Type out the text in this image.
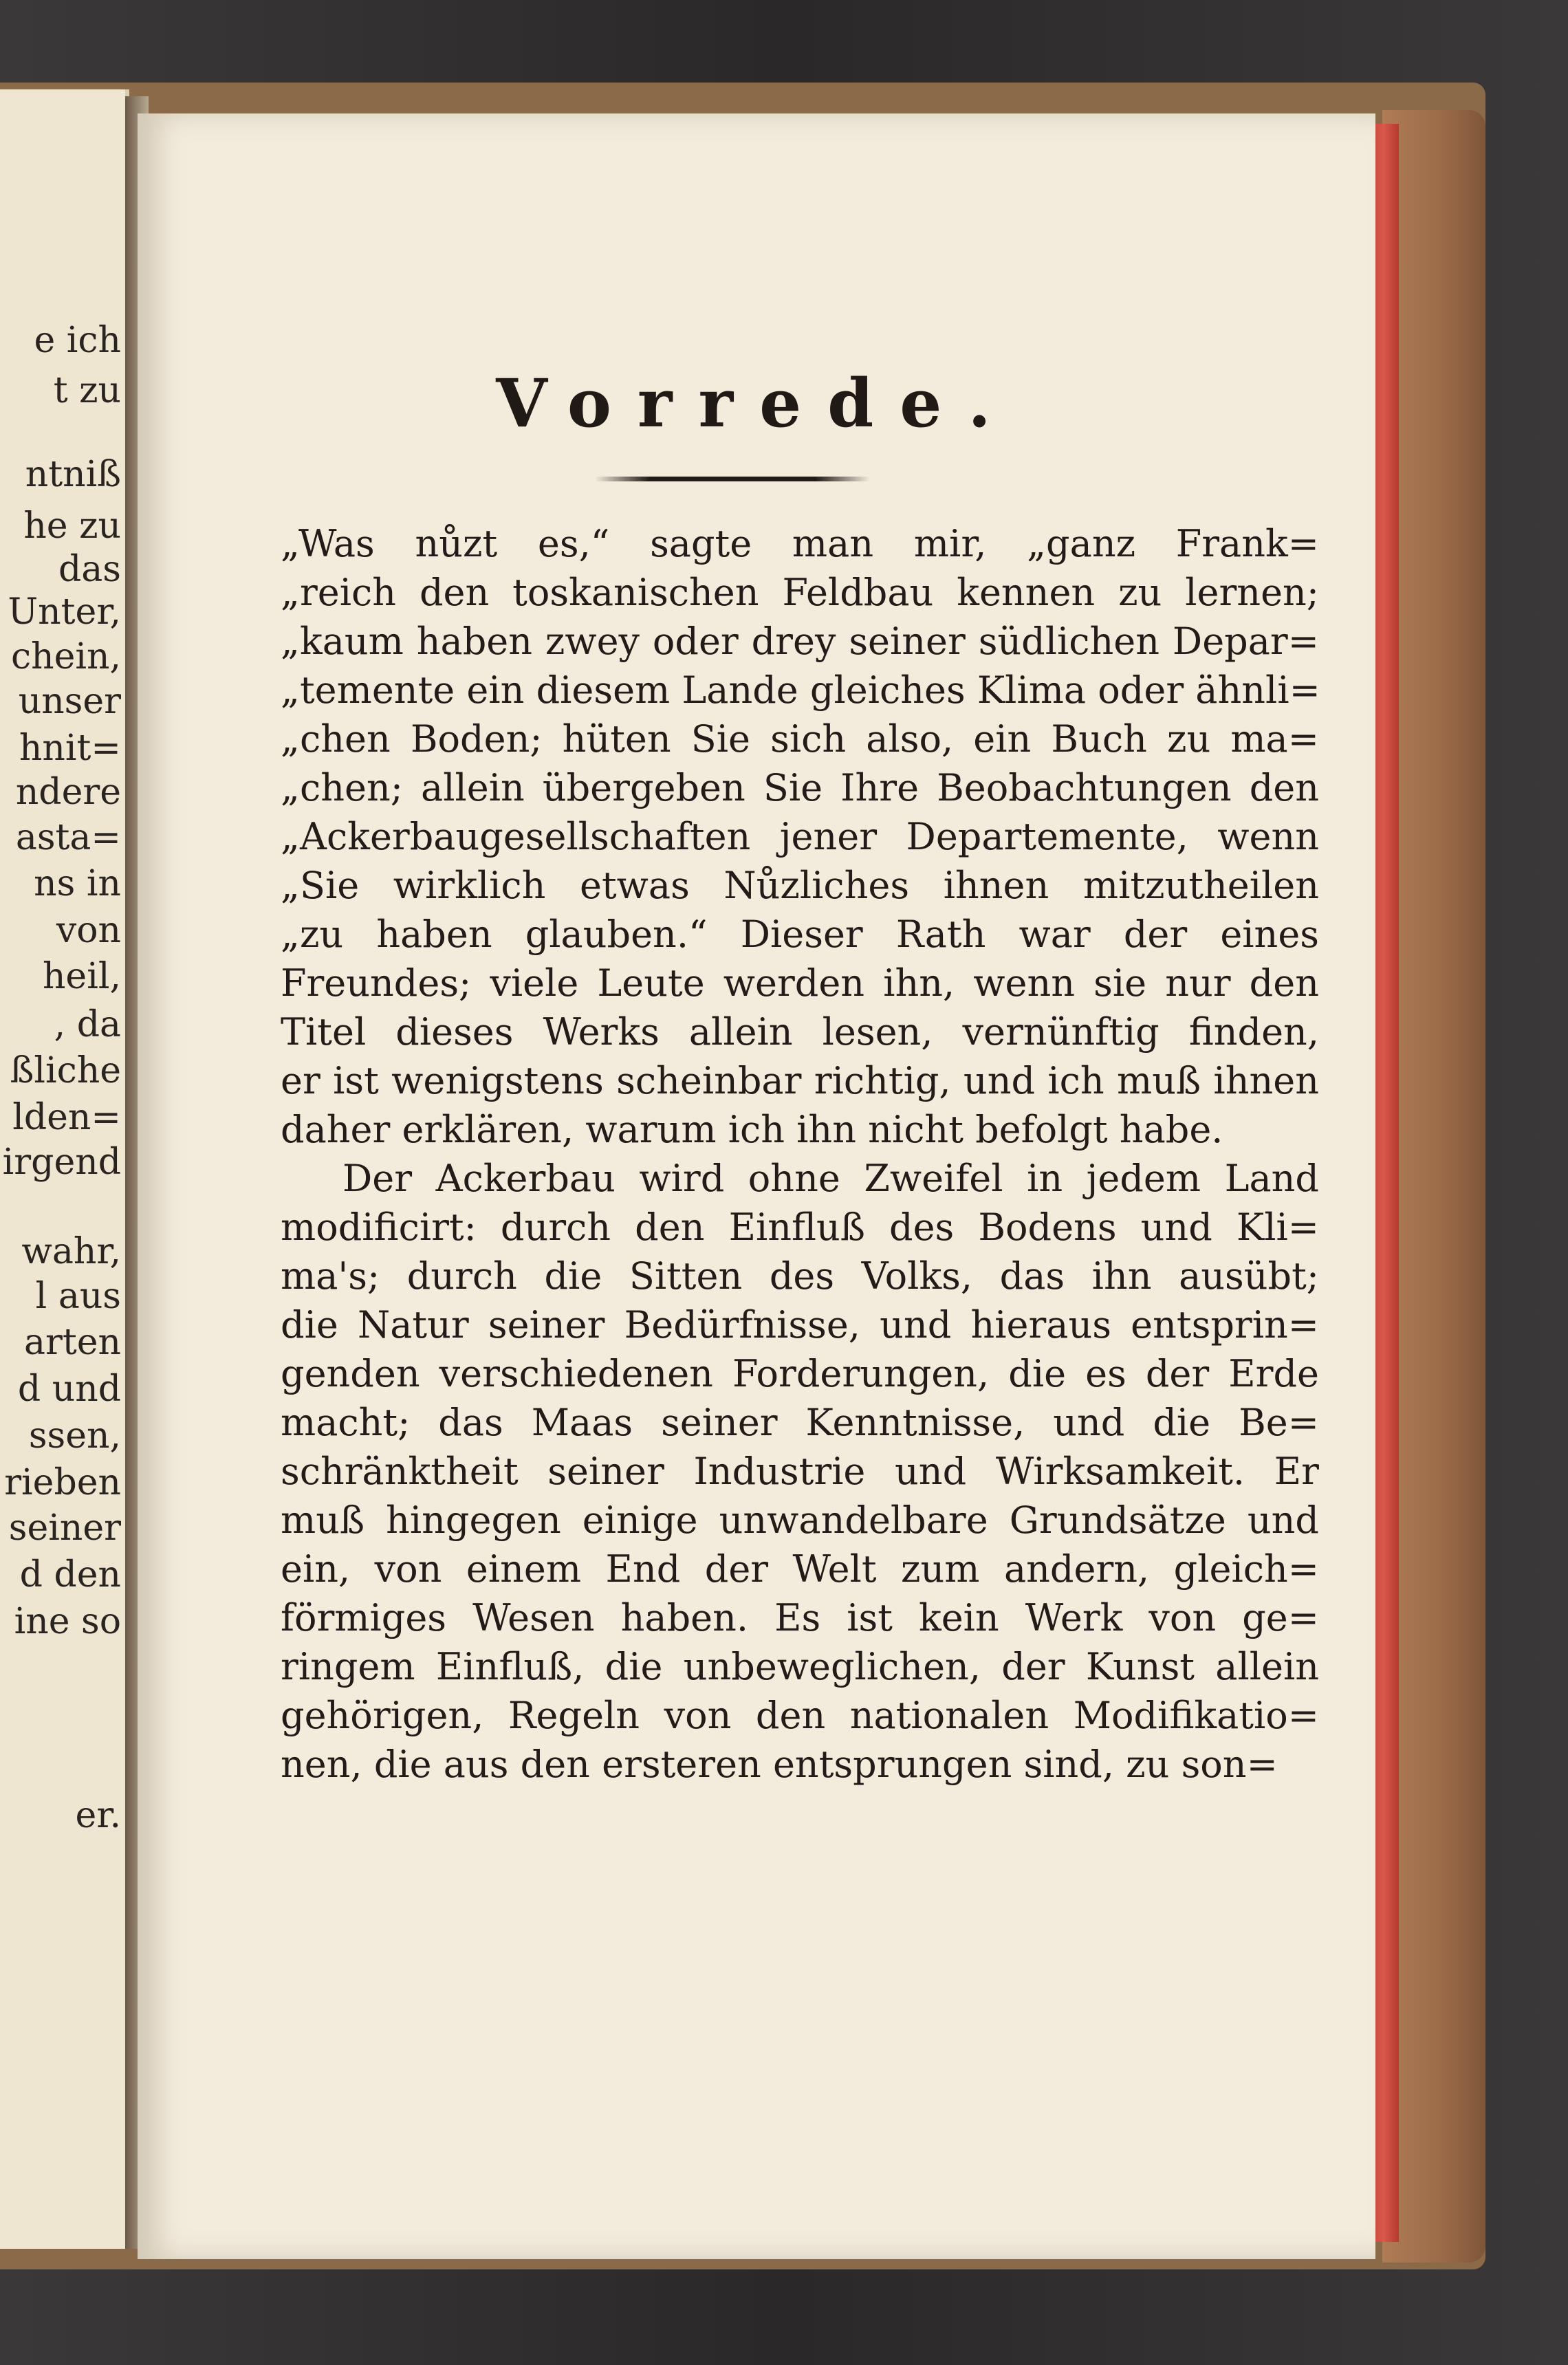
e ich
t zu
ntniß
he zu
das
Unter,
chein,
unser
hnit=
ndere
asta=
ns in
von
heil,
, da
ßliche
lden=
irgend
wahr,
l aus
arten
d und
ssen,
rieben
seiner
d den
ine so
er.
Vorrede.
„Was nůzt es,“ sagte man mir, „ganz Frank=
„reich den toskanischen Feldbau kennen zu lernen;
„kaum haben zwey oder drey seiner südlichen Depar=
„temente ein diesem Lande gleiches Klima oder ähnli=
„chen Boden; hüten Sie sich also, ein Buch zu ma=
„chen; allein übergeben Sie Ihre Beobachtungen den
„Ackerbaugesellschaften jener Departemente, wenn
„Sie wirklich etwas Nůzliches ihnen mitzutheilen
„zu haben glauben.“ Dieser Rath war der eines
Freundes; viele Leute werden ihn, wenn sie nur den
Titel dieses Werks allein lesen, vernünftig finden,
er ist wenigstens scheinbar richtig, und ich muß ihnen
daher erklären, warum ich ihn nicht befolgt habe.
Der Ackerbau wird ohne Zweifel in jedem Land
modificirt: durch den Einfluß des Bodens und Kli=
ma's; durch die Sitten des Volks, das ihn ausübt;
die Natur seiner Bedürfnisse, und hieraus entsprin=
genden verschiedenen Forderungen, die es der Erde
macht; das Maas seiner Kenntnisse, und die Be=
schränktheit seiner Industrie und Wirksamkeit. Er
muß hingegen einige unwandelbare Grundsätze und
ein, von einem End der Welt zum andern, gleich=
förmiges Wesen haben. Es ist kein Werk von ge=
ringem Einfluß, die unbeweglichen, der Kunst allein
gehörigen, Regeln von den nationalen Modifikatio=
nen, die aus den ersteren entsprungen sind, zu son=
